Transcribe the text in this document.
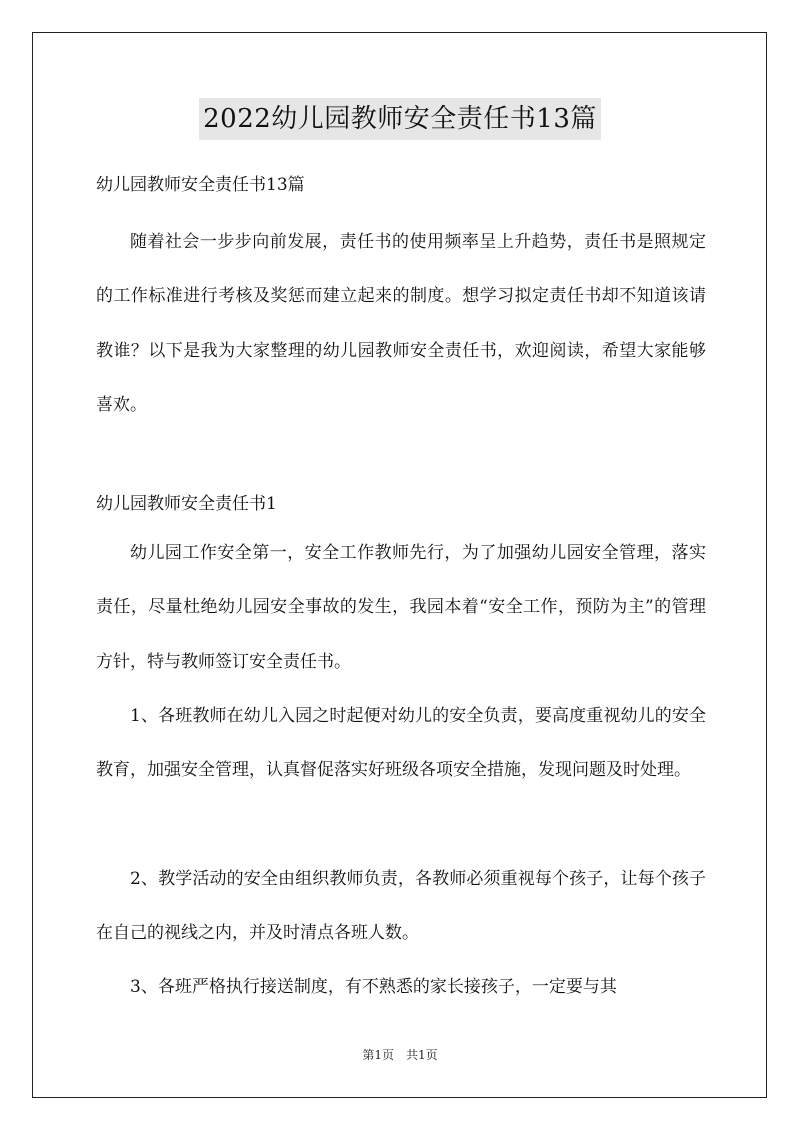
2022幼儿园教师安全责任书13篇
幼儿园教师安全责任书13篇
随着社会一步步向前发展，责任书的使用频率呈上升趋势，责任书是照规定的工作标准进行考核及奖惩而建立起来的制度。想学习拟定责任书却不知道该请教谁？以下是我为大家整理的幼儿园教师安全责任书，欢迎阅读，希望大家能够喜欢。
幼儿园教师安全责任书1
幼儿园工作安全第一，安全工作教师先行，为了加强幼儿园安全管理，落实责任，尽量杜绝幼儿园安全事故的发生，我园本着“安全工作，预防为主”的管理方针，特与教师签订安全责任书。
1、各班教师在幼儿入园之时起便对幼儿的安全负责，要高度重视幼儿的安全教育，加强安全管理，认真督促落实好班级各项安全措施，发现问题及时处理。
2、教学活动的安全由组织教师负责，各教师必须重视每个孩子，让每个孩子在自己的视线之内，并及时清点各班人数。
3、各班严格执行接送制度，有不熟悉的家长接孩子，一定要与其
第1页　共1页
